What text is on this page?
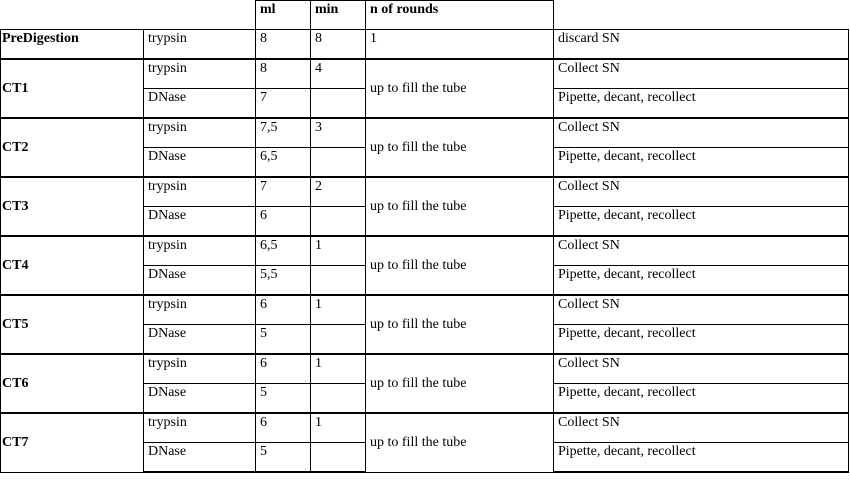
		ml	min	n of rounds	
PreDigestion	trypsin	8	8	1	discard SN
CT1	trypsin	8	4	up to fill the tube	Collect SN
	DNase	7			Pipette, decant, recollect
CT2	trypsin	7,5	3	up to fill the tube	Collect SN
	DNase	6,5			Pipette, decant, recollect
CT3	trypsin	7	2	up to fill the tube	Collect SN
	DNase	6			Pipette, decant, recollect
CT4	trypsin	6,5	1	up to fill the tube	Collect SN
	DNase	5,5			Pipette, decant, recollect
CT5	trypsin	6	1	up to fill the tube	Collect SN
	DNase	5			Pipette, decant, recollect
CT6	trypsin	6	1	up to fill the tube	Collect SN
	DNase	5			Pipette, decant, recollect
CT7	trypsin	6	1	up to fill the tube	Collect SN
	DNase	5			Pipette, decant, recollect
